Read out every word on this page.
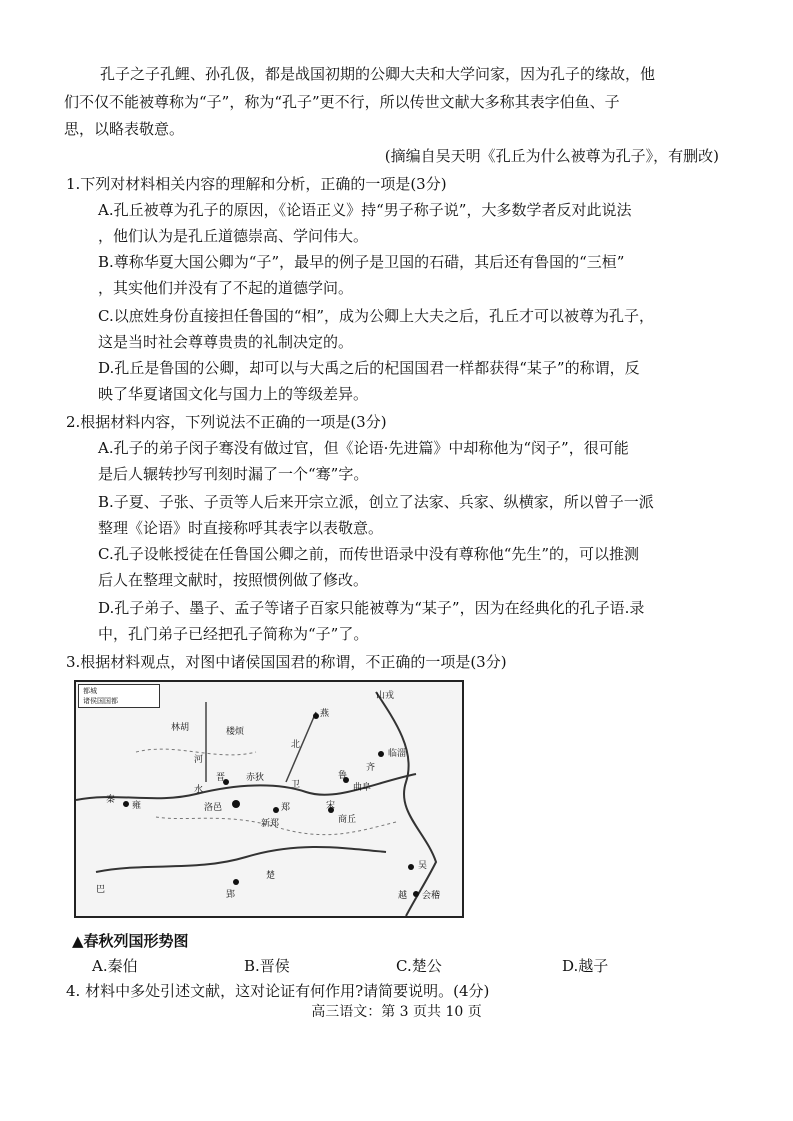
孔子之子孔鲤、孙孔伋，都是战国初期的公卿大夫和大学问家，因为孔子的缘故，他
们不仅不能被尊称为“子”，称为“孔子”更不行，所以传世文献大多称其表字伯鱼、子
思，以略表敬意。
(摘编自吴天明《孔丘为什么被尊为孔子》，有删改)
1.下列对材料相关内容的理解和分析，正确的一项是(3分)
A.孔丘被尊为孔子的原因，《论语正义》持“男子称子说”，大多数学者反对此说法
，他们认为是孔丘道德崇高、学问伟大。
B.尊称华夏大国公卿为“子”，最早的例子是卫国的石碏，其后还有鲁国的“三桓”
，其实他们并没有了不起的道德学问。
C.以庶姓身份直接担任鲁国的“相”，成为公卿上大夫之后，孔丘才可以被尊为孔子，
这是当时社会尊尊贵贵的礼制决定的。
D.孔丘是鲁国的公卿，却可以与大禹之后的杞国国君一样都获得“某子”的称谓，反
映了华夏诸国文化与国力上的等级差异。
2.根据材料内容，下列说法不正确的一项是(3分)
A.孔子的弟子闵子骞没有做过官，但《论语·先进篇》中却称他为“闵子”，很可能
是后人辗转抄写刊刻时漏了一个“骞”字。
B.子夏、子张、子贡等人后来开宗立派，创立了法家、兵家、纵横家，所以曾子一派
整理《论语》时直接称呼其表字以表敬意。
C.孔子设帐授徒在任鲁国公卿之前，而传世语录中没有尊称他“先生”的，可以推测
后人在整理文献时，按照惯例做了修改。
D.孔子弟子、墨子、孟子等诸子百家只能被尊为“某子”，因为在经典化的孔子语.录
中，孔门弟子已经把孔子简称为“子”了。
3.根据材料观点，对图中诸侯国国君的称谓，不正确的一项是(3分)
都城
诸侯国国都	山戎
林胡	楼烦
燕
北
齐
临淄
晋 赤狄
卫
鲁
曲阜
秦
雍	洛邑	郑	宋
商丘
新郑
吴
越 会稽
楚
郢
巴
河
水
▲春秋列国形势图
A.秦伯	B.晋侯	C.楚公	D.越子
4. 材料中多处引述文献，这对论证有何作用?请简要说明。(4分)
高三语文：第 3 页共 10 页
